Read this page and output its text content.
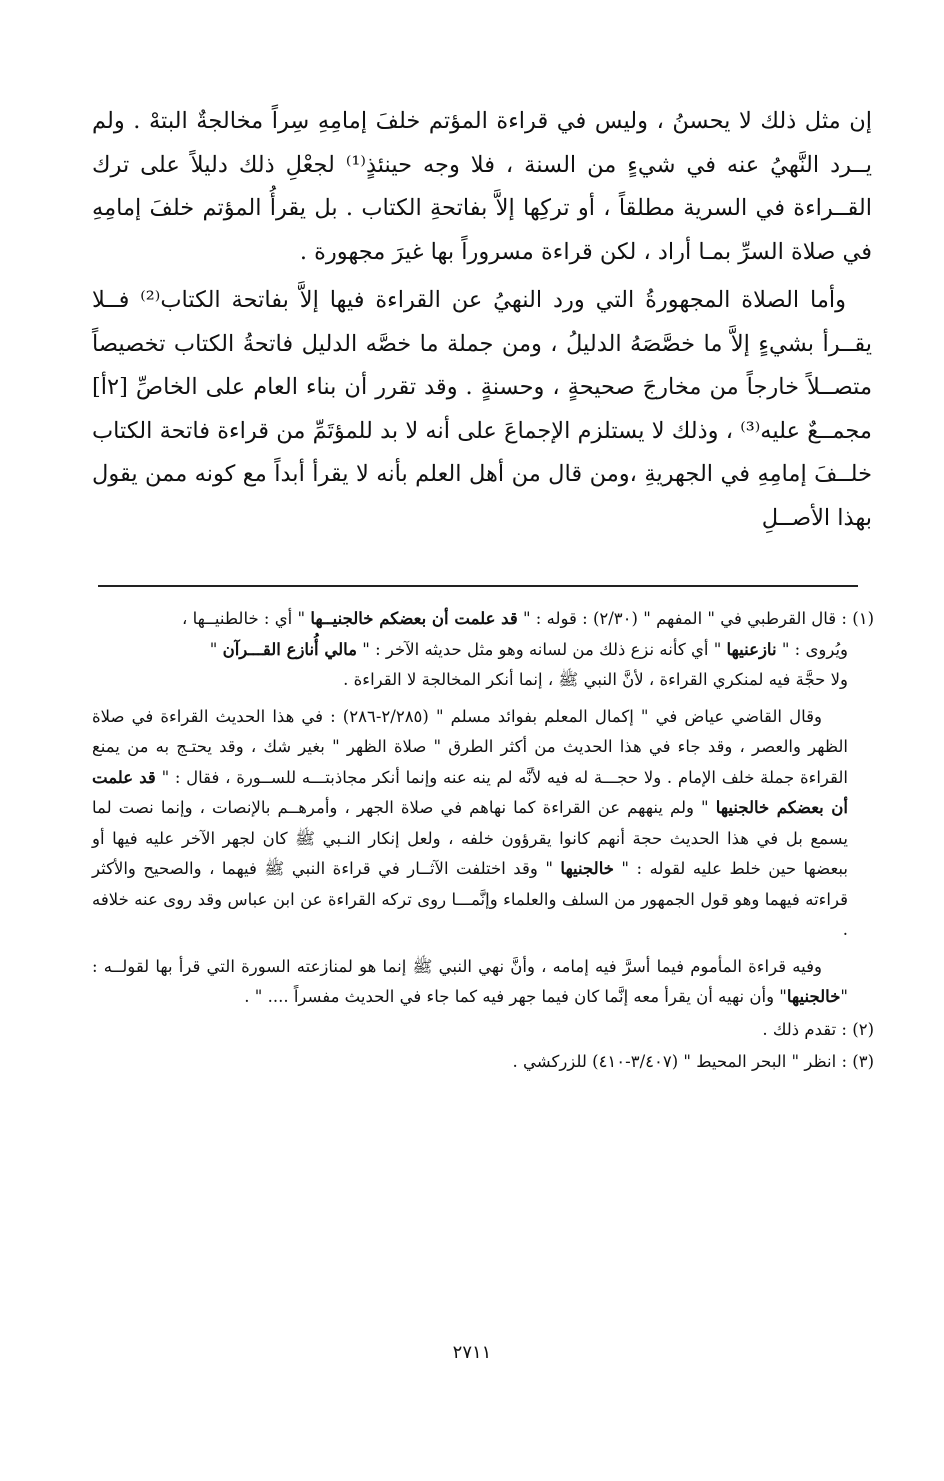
إن مثل ذلك لا يحسنُ ، وليس في قراءة المؤتم خلفَ إمامِهِ سِراً مخالجةٌ البتهْ . ولم يــرد النَّهيُ عنه في شيءٍ من السنة ، فلا وجه حينئذٍ⁽¹⁾ لجعْلِ ذلك دليلاً على ترك القــراءة في السرية مطلقاً ، أو تركِها إلاَّ بفاتحةِ الكتاب . بل يقرأُ المؤتم خلفَ إمامِهِ في صلاة السرِّ بمـا أراد ، لكن قراءة مسروراً بها غيرَ مجهورة .

وأما الصلاة المجهورةُ التي ورد النهيُ عن القراءة فيها إلاَّ بفاتحة الكتاب⁽²⁾ فــلا يقــرأ بشيءٍ إلاَّ ما خصَّصَهُ الدليلُ ، ومن جملة ما خصَّه الدليل فاتحةُ الكتاب تخصيصاً متصــلاً خارجاً من مخارجَ صحيحةٍ ، وحسنةٍ . وقد تقرر أن بناء العام على الخاصِّ [٢أ] مجمــعٌ عليه⁽³⁾ ، وذلك لا يستلزم الإجماعَ على أنه لا بد للمؤتَمِّ من قراءة فاتحة الكتاب خلــفَ إمامِهِ في الجهريةِ ،ومن قال من أهل العلم بأنه لا يقرأ أبداً مع كونه ممن يقول بهذا الأصــلِ

(١) : قال القرطبي في " المفهم " (٢/٣٠) : قوله : " قد علمت أن بعضكم خالجنيــها " أي : خالطنيــها ،

ويُروى : " نازعنيها " أي كأنه نزع ذلك من لسانه وهو مثل حديثه الآخر : " مالي أُنازع القـــرآن "

ولا حجَّة فيه لمنكري القراءة ، لأنَّ النبي ﷺ ، إنما أنكر المخالجة لا القراءة .

وقال القاضي عياض في " إكمال المعلم بفوائد مسلم " (٢/٢٨٥-٢٨٦) : في هذا الحديث القراءة في صلاة الظهر والعصر ، وقد جاء في هذا الحديث من أكثر الطرق " صلاة الظهر " بغير شك ، وقد يحتـج به من يمنع القراءة جملة خلف الإمام . ولا حجـــة له فيه لأنَّه لم ينه عنه وإنما أنكر مجاذبتـــه للســورة ، فقال : " قد علمت أن بعضكم خالجنيها " ولم ينههم عن القراءة كما نهاهم في صلاة الجهر ، وأمرهــم بالإنصات ، وإنما نصت لما يسمع بل في هذا الحديث حجة أنهم كانوا يقرؤون خلفه ، ولعل إنكار النـبي ﷺ كان لجهر الآخر عليه فيها أو ببعضها حين خلط عليه لقوله : " خالجنيها " وقد اختلفت الآثــار في قراءة النبي ﷺ فيهما ، والصحيح والأكثر قراءته فيهما وهو قول الجمهور من السلف والعلماء وإنَّمـــا روى تركه القراءة عن ابن عباس وقد روى عنه خلافه .

وفيه قراءة المأموم فيما أسرَّ فيه إمامه ، وأنَّ نهي النبي ﷺ إنما هو لمنازعته السورة التي قرأ بها لقولــه : "خالجنيها" وأن نهيه أن يقرأ معه إنَّما كان فيما جهر فيه كما جاء في الحديث مفسراً .... " .

(٢) : تقدم ذلك .

(٣) : انظر " البحر المحيط " (٣/٤٠٧-٤١٠) للزركشي .

٢٧١١
